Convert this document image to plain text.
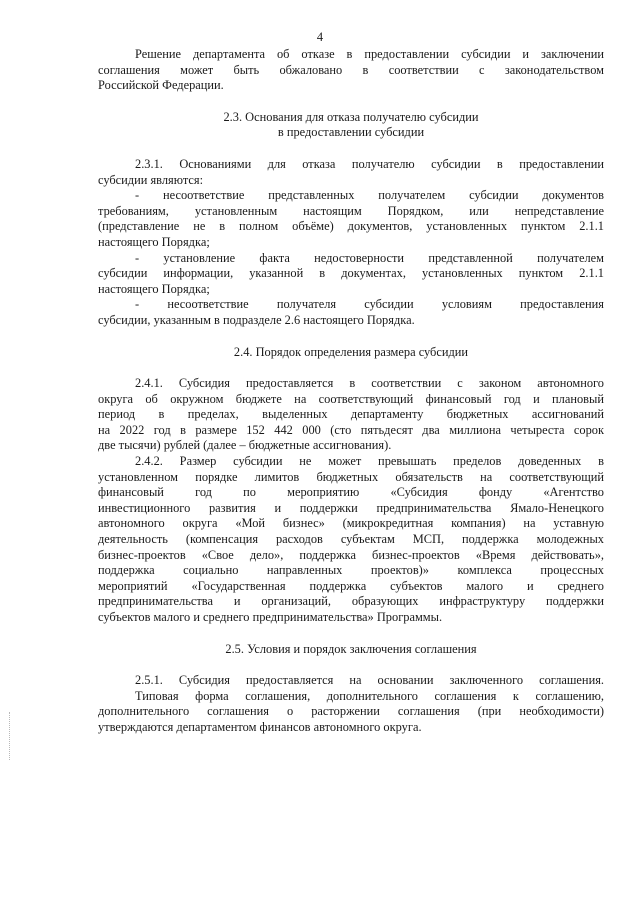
4

Решение департамента об отказе в предоставлении субсидии и заключении
соглашения может быть обжаловано в соответствии с законодательством
Российской Федерации.

2.3. Основания для отказа получателю субсидии
в предоставлении субсидии

2.3.1. Основаниями для отказа получателю субсидии в предоставлении
субсидии являются:

- несоответствие представленных получателем субсидии документов
требованиям, установленным настоящим Порядком, или непредставление
(представление не в полном объёме) документов, установленных пунктом 2.1.1
настоящего Порядка;

- установление факта недостоверности представленной получателем
субсидии информации, указанной в документах, установленных пунктом 2.1.1
настоящего Порядка;

- несоответствие получателя субсидии условиям предоставления
субсидии, указанным в подразделе 2.6 настоящего Порядка.

2.4. Порядок определения размера субсидии

2.4.1. Субсидия предоставляется в соответствии с законом автономного
округа об окружном бюджете на соответствующий финансовый год и плановый
период в пределах, выделенных департаменту бюджетных ассигнований
на 2022 год в размере 152 442 000 (сто пятьдесят два миллиона четыреста сорок
две тысячи) рублей (далее – бюджетные ассигнования).

2.4.2. Размер субсидии не может превышать пределов доведенных в
установленном порядке лимитов бюджетных обязательств на соответствующий
финансовый год по мероприятию «Субсидия фонду «Агентство
инвестиционного развития и поддержки предпринимательства Ямало-Ненецкого
автономного округа «Мой бизнес» (микрокредитная компания) на уставную
деятельность (компенсация расходов субъектам МСП, поддержка молодежных
бизнес-проектов «Свое дело», поддержка бизнес-проектов «Время действовать»,
поддержка социально направленных проектов)» комплекса процессных
мероприятий «Государственная поддержка субъектов малого и среднего
предпринимательства и организаций, образующих инфраструктуру поддержки
субъектов малого и среднего предпринимательства» Программы.

2.5. Условия и порядок заключения соглашения

2.5.1. Субсидия предоставляется на основании заключенного соглашения.
Типовая форма соглашения, дополнительного соглашения к соглашению,
дополнительного соглашения о расторжении соглашения (при необходимости)
утверждаются департаментом финансов автономного округа.
